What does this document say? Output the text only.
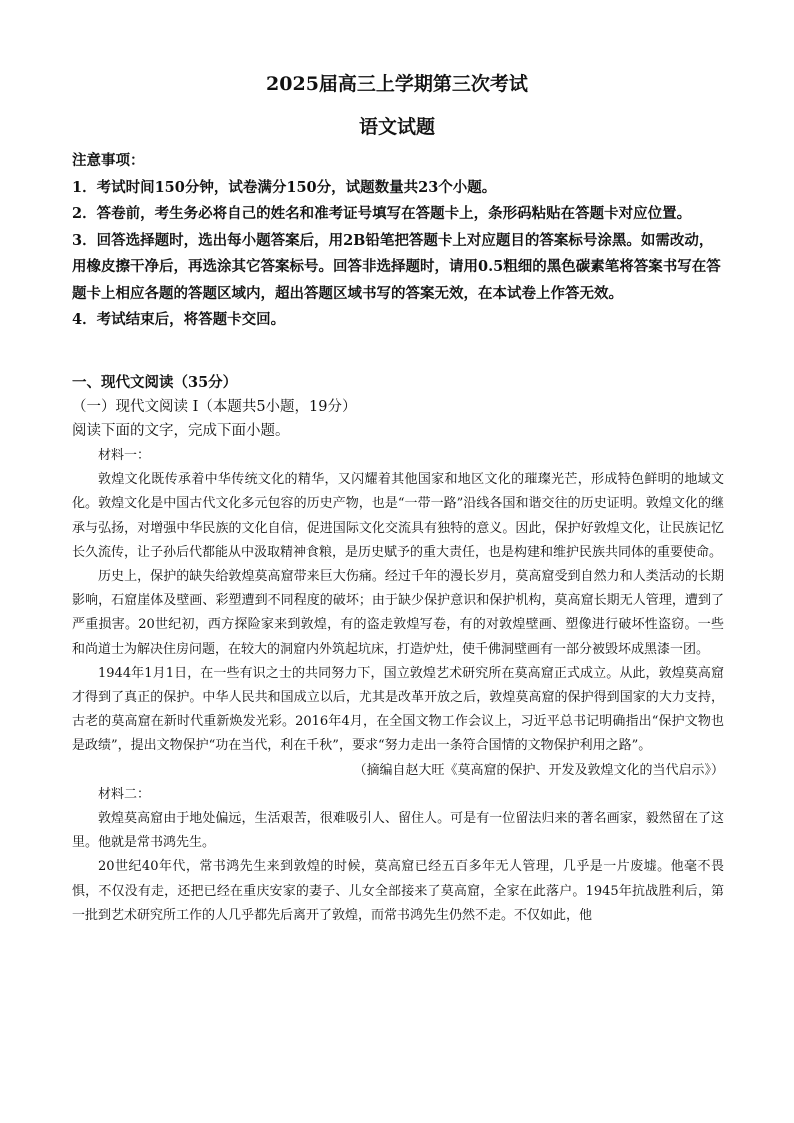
2025届高三上学期第三次考试
语文试题

注意事项：

1．考试时间150分钟，试卷满分150分，试题数量共23个小题。

2．答卷前，考生务必将自己的姓名和准考证号填写在答题卡上，条形码粘贴在答题卡对应位置。

3．回答选择题时，选出每小题答案后，用2B铅笔把答题卡上对应题目的答案标号涂黑。如需改动，用橡皮擦干净后，再选涂其它答案标号。回答非选择题时，请用0.5粗细的黑色碳素笔将答案书写在答题卡上相应各题的答题区域内，超出答题区域书写的答案无效，在本试卷上作答无效。

4．考试结束后，将答题卡交回。

一、现代文阅读（35分）
（一）现代文阅读 I（本题共5小题，19分）
阅读下面的文字，完成下面小题。

材料一：

敦煌文化既传承着中华传统文化的精华，又闪耀着其他国家和地区文化的璀璨光芒，形成特色鲜明的地域文化。敦煌文化是中国古代文化多元包容的历史产物，也是“一带一路”沿线各国和谐交往的历史证明。敦煌文化的继承与弘扬，对增强中华民族的文化自信，促进国际文化交流具有独特的意义。因此，保护好敦煌文化，让民族记忆长久流传，让子孙后代都能从中汲取精神食粮，是历史赋予的重大责任，也是构建和维护民族共同体的重要使命。

历史上，保护的缺失给敦煌莫高窟带来巨大伤痛。经过千年的漫长岁月，莫高窟受到自然力和人类活动的长期影响，石窟崖体及壁画、彩塑遭到不同程度的破坏；由于缺少保护意识和保护机构，莫高窟长期无人管理，遭到了严重损害。20世纪初，西方探险家来到敦煌，有的盗走敦煌写卷，有的对敦煌壁画、塑像进行破坏性盗窃。一些和尚道士为解决住房问题，在较大的洞窟内外筑起坑床，打造炉灶，使千佛洞壁画有一部分被毁坏成黑漆一团。

1944年1月1日，在一些有识之士的共同努力下，国立敦煌艺术研究所在莫高窟正式成立。从此，敦煌莫高窟才得到了真正的保护。中华人民共和国成立以后，尤其是改革开放之后，敦煌莫高窟的保护得到国家的大力支持，古老的莫高窟在新时代重新焕发光彩。2016年4月，在全国文物工作会议上，习近平总书记明确指出“保护文物也是政绩”，提出文物保护“功在当代，利在千秋”，要求“努力走出一条符合国情的文物保护利用之路”。

（摘编自赵大旺《莫高窟的保护、开发及敦煌文化的当代启示》）

材料二：

敦煌莫高窟由于地处偏远，生活艰苦，很难吸引人、留住人。可是有一位留法归来的著名画家，毅然留在了这里。他就是常书鸿先生。

20世纪40年代，常书鸿先生来到敦煌的时候，莫高窟已经五百多年无人管理，几乎是一片废墟。他毫不畏惧，不仅没有走，还把已经在重庆安家的妻子、儿女全部接来了莫高窟，全家在此落户。1945年抗战胜利后，第一批到艺术研究所工作的人几乎都先后离开了敦煌，而常书鸿先生仍然不走。不仅如此，他
